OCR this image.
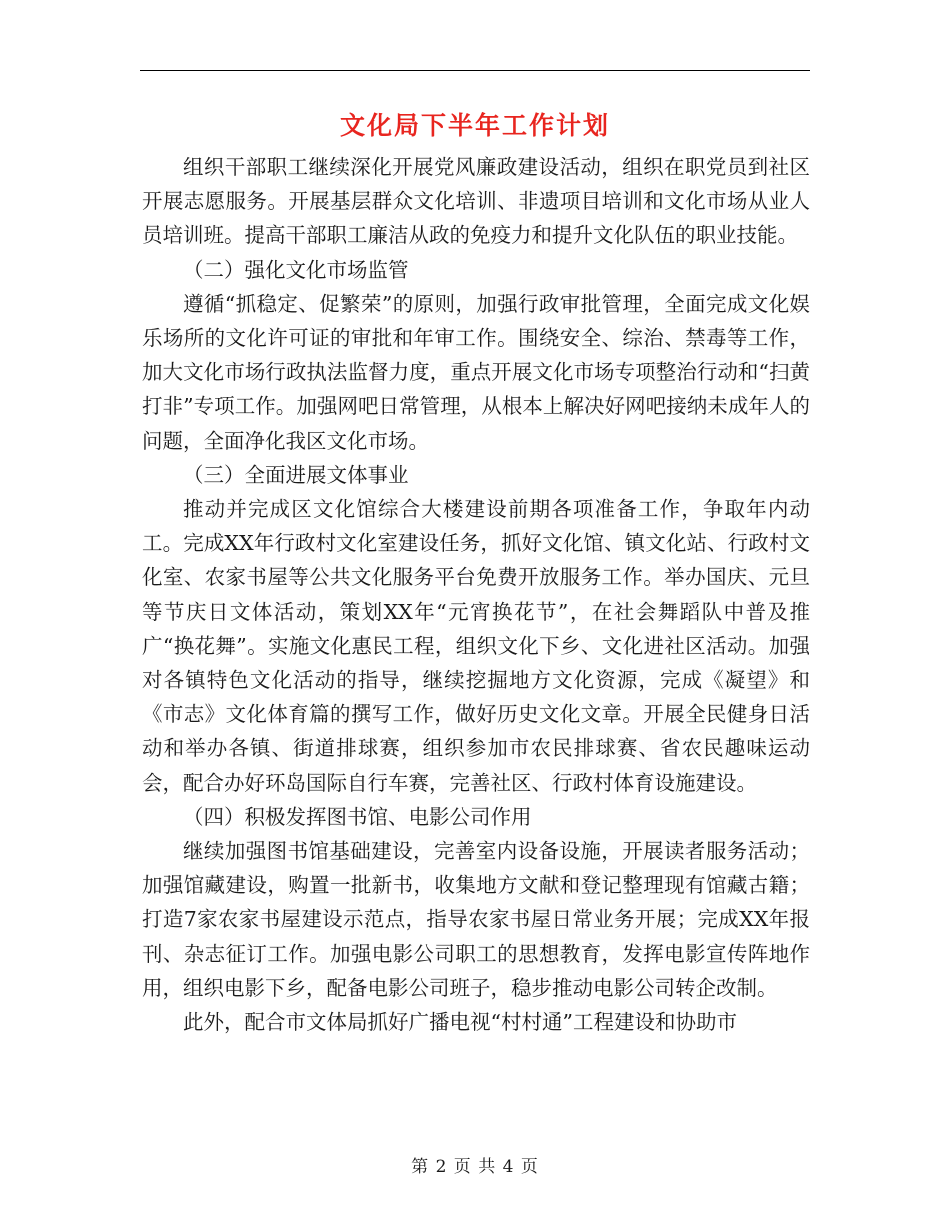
文化局下半年工作计划

组织干部职工继续深化开展党风廉政建设活动，组织在职党员到社区开展志愿服务。开展基层群众文化培训、非遗项目培训和文化市场从业人员培训班。提高干部职工廉洁从政的免疫力和提升文化队伍的职业技能。

（二）强化文化市场监管

遵循“抓稳定、促繁荣”的原则，加强行政审批管理，全面完成文化娱乐场所的文化许可证的审批和年审工作。围绕安全、综治、禁毒等工作，加大文化市场行政执法监督力度，重点开展文化市场专项整治行动和“扫黄打非”专项工作。加强网吧日常管理，从根本上解决好网吧接纳未成年人的问题，全面净化我区文化市场。

（三）全面进展文体事业

推动并完成区文化馆综合大楼建设前期各项准备工作，争取年内动工。完成XX年行政村文化室建设任务，抓好文化馆、镇文化站、行政村文化室、农家书屋等公共文化服务平台免费开放服务工作。举办国庆、元旦等节庆日文体活动，策划XX年“元宵换花节”，在社会舞蹈队中普及推广“换花舞”。实施文化惠民工程，组织文化下乡、文化进社区活动。加强对各镇特色文化活动的指导，继续挖掘地方文化资源，完成《凝望》和《市志》文化体育篇的撰写工作，做好历史文化文章。开展全民健身日活动和举办各镇、街道排球赛，组织参加市农民排球赛、省农民趣味运动会，配合办好环岛国际自行车赛，完善社区、行政村体育设施建设。

（四）积极发挥图书馆、电影公司作用

继续加强图书馆基础建设，完善室内设备设施，开展读者服务活动；加强馆藏建设，购置一批新书，收集地方文献和登记整理现有馆藏古籍；打造7家农家书屋建设示范点，指导农家书屋日常业务开展；完成XX年报刊、杂志征订工作。加强电影公司职工的思想教育，发挥电影宣传阵地作用，组织电影下乡，配备电影公司班子，稳步推动电影公司转企改制。

此外，配合市文体局抓好广播电视“村村通”工程建设和协助市

第 2 页 共 4 页
